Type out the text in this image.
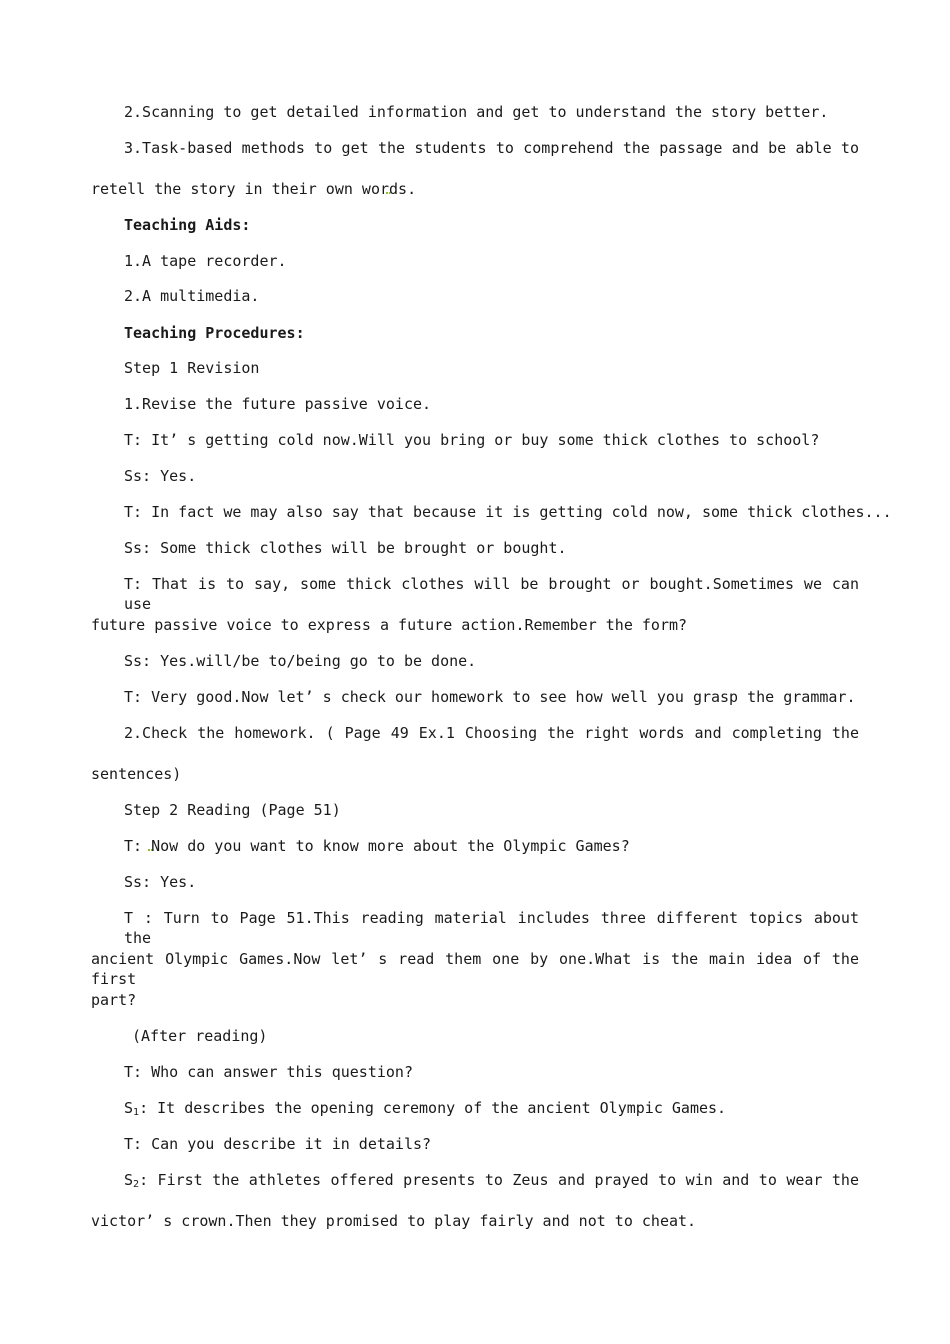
2.Scanning to get detailed information and get to understand the story better.
3.Task-based methods to get the students to comprehend the passage and be able to
retell the story in their own words.
Teaching Aids:
1.A tape recorder.
2.A multimedia.
Teaching Procedures:
Step 1 Revision
1.Revise the future passive voice.
T: It’ s getting cold now.Will you bring or buy some thick clothes to school?
Ss: Yes.
T: In fact we may also say that because it is getting cold now, some thick clothes...
Ss: Some thick clothes will be brought or bought.
T: That is to say, some thick clothes will be brought or bought.Sometimes we can use
future passive voice to express a future action.Remember the form?
Ss: Yes.will/be to/being go to be done.
T: Very good.Now let’ s check our homework to see how well you grasp the grammar.
2.Check the homework. ( Page 49 Ex.1 Choosing the right words and completing the
sentences)
Step 2 Reading (Page 51)
T: Now do you want to know more about the Olympic Games?
Ss: Yes.
T : Turn to Page 51.This reading material includes three different topics about the
ancient Olympic Games.Now let’ s read them one by one.What is the main idea of the first
part?
(After reading)
T: Who can answer this question?
$S_1$: It describes the opening ceremony of the ancient Olympic Games.
T: Can you describe it in details?
$S_2$ : First the athletes offered presents to Zeus and prayed to win and to wear the
victor’ s crown.Then they promised to play fairly and not to cheat.
